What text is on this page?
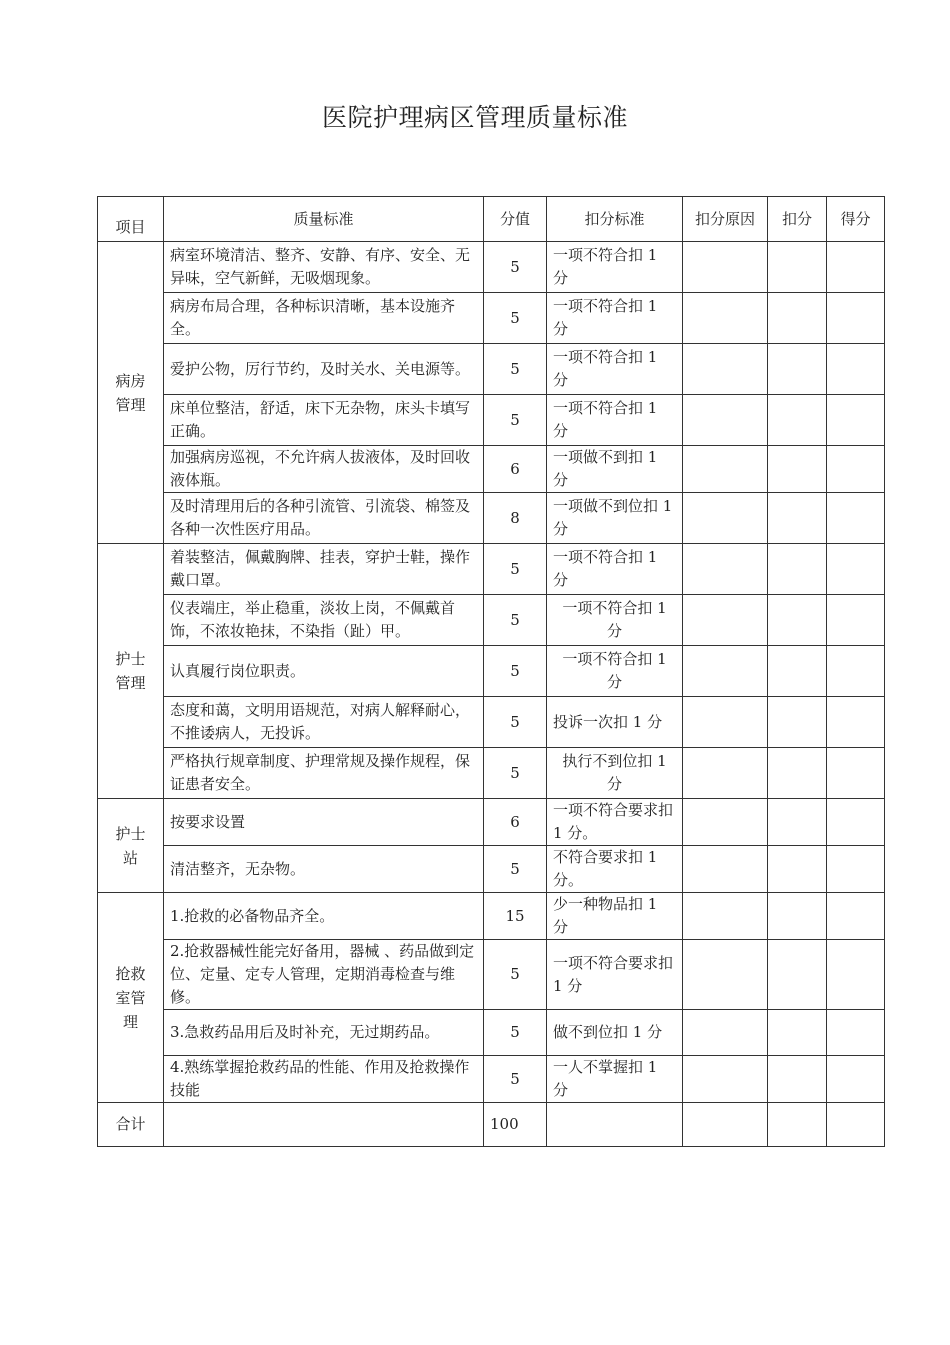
医院护理病区管理质量标准
项目	质量标准	分值	扣分标准	扣分原因	扣分	得分
病房管理	病室环境清洁、整齐、安静、有序、安全、无异味，空气新鲜，无吸烟现象。	5	一项不符合扣 1 分			
	病房布局合理，各种标识清晰，基本设施齐全。	5	一项不符合扣 1 分			
	爱护公物，厉行节约，及时关水、关电源等。	5	一项不符合扣 1 分			
	床单位整洁，舒适，床下无杂物，床头卡填写正确。	5	一项不符合扣 1 分			
	加强病房巡视，不允许病人拔液体，及时回收液体瓶。	6	一项做不到扣 1 分			
	及时清理用后的各种引流管、引流袋、棉签及各种一次性医疗用品。	8	一项做不到位扣 1 分			
护士管理	着装整洁，佩戴胸牌、挂表，穿护士鞋，操作戴口罩。	5	一项不符合扣 1 分			
	仪表端庄，举止稳重，淡妆上岗，不佩戴首饰，不浓妆艳抹，不染指（趾）甲。	5	一项不符合扣 1 分			
	认真履行岗位职责。	5	一项不符合扣 1 分			
	态度和蔼，文明用语规范，对病人解释耐心，不推诿病人，无投诉。	5	投诉一次扣 1 分			
	严格执行规章制度、护理常规及操作规程，保证患者安全。	5	执行不到位扣 1 分			
护士站	按要求设置	6	一项不符合要求扣 1 分。			
	清洁整齐，无杂物。	5	不符合要求扣 1 分。			
抢救室管理	1.抢救的必备物品齐全。	15	少一种物品扣 1 分			
	2.抢救器械性能完好备用，器械 、药品做到定位、定量、定专人管理，定期消毒检查与维修。	5	一项不符合要求扣 1 分			
	3.急救药品用后及时补充，无过期药品。	5	做不到位扣 1 分			
	4.熟练掌握抢救药品的性能、作用及抢救操作技能	5	一人不掌握扣 1 分			
合计		100				
